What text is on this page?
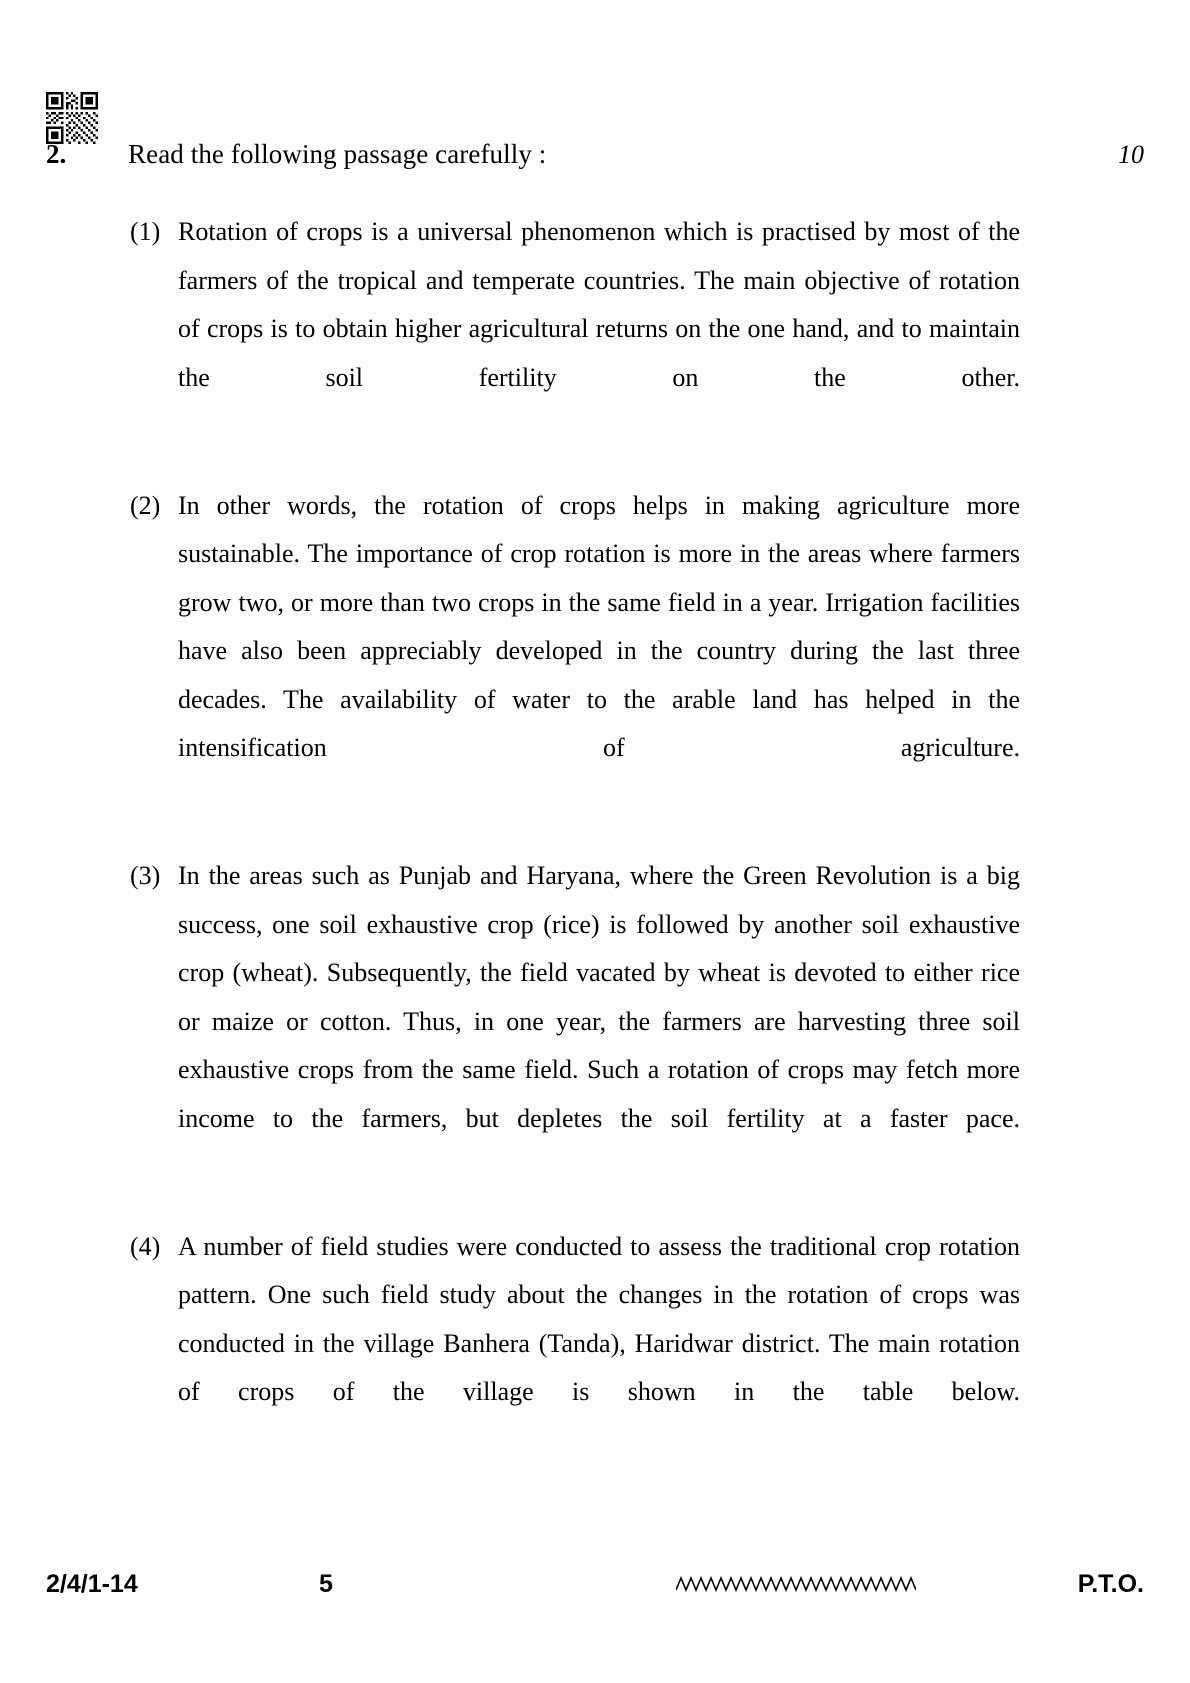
2.	Read the following passage carefully :	10
(1) Rotation of crops is a universal phenomenon which is practised by most of the farmers of the tropical and temperate countries. The main objective of rotation of crops is to obtain higher agricultural returns on the one hand, and to maintain the soil fertility on the other.
(2) In other words, the rotation of crops helps in making agriculture more sustainable. The importance of crop rotation is more in the areas where farmers grow two, or more than two crops in the same field in a year. Irrigation facilities have also been appreciably developed in the country during the last three decades. The availability of water to the arable land has helped in the intensification of agriculture.
(3) In the areas such as Punjab and Haryana, where the Green Revolution is a big success, one soil exhaustive crop (rice) is followed by another soil exhaustive crop (wheat). Subsequently, the field vacated by wheat is devoted to either rice or maize or cotton. Thus, in one year, the farmers are harvesting three soil exhaustive crops from the same field. Such a rotation of crops may fetch more income to the farmers, but depletes the soil fertility at a faster pace.
(4) A number of field studies were conducted to assess the traditional crop rotation pattern. One such field study about the changes in the rotation of crops was conducted in the village Banhera (Tanda), Haridwar district. The main rotation of crops of the village is shown in the table below.
2/4/1-14	5	P.T.O.
